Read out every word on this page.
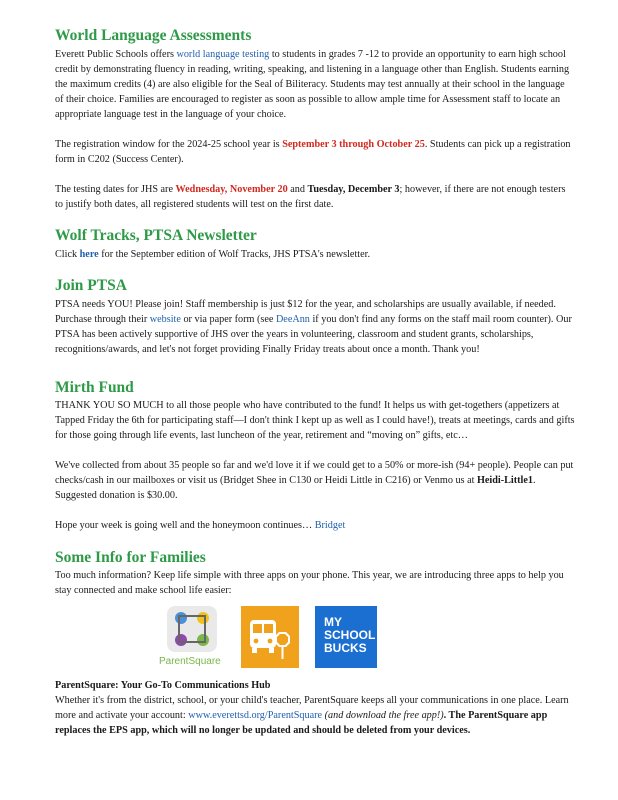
World Language Assessments

Everett Public Schools offers world language testing to students in grades 7 -12 to provide an opportunity to earn high school credit by demonstrating fluency in reading, writing, speaking, and listening in a language other than English. Students earning the maximum credits (4) are also eligible for the Seal of Biliteracy. Students may test annually at their school in the language of their choice. Families are encouraged to register as soon as possible to allow ample time for Assessment staff to locate an appropriate language test in the language of your choice.

The registration window for the 2024-25 school year is September 3 through October 25. Students can pick up a registration form in C202 (Success Center).

The testing dates for JHS are Wednesday, November 20 and Tuesday, December 3; however, if there are not enough testers to justify both dates, all registered students will test on the first date.

Wolf Tracks, PTSA Newsletter

Click here for the September edition of Wolf Tracks, JHS PTSA's newsletter.

Join PTSA

PTSA needs YOU! Please join! Staff membership is just $12 for the year, and scholarships are usually available, if needed. Purchase through their website or via paper form (see DeeAnn if you don't find any forms on the staff mail room counter). Our PTSA has been actively supportive of JHS over the years in volunteering, classroom and student grants, scholarships, recognitions/awards, and let's not forget providing Finally Friday treats about once a month. Thank you!

Mirth Fund

THANK YOU SO MUCH to all those people who have contributed to the fund! It helps us with get-togethers (appetizers at Tapped Friday the 6th for participating staff—I don't think I kept up as well as I could have!), treats at meetings, cards and gifts for those going through life events, last luncheon of the year, retirement and “moving on” gifts, etc…

We've collected from about 35 people so far and we'd love it if we could get to a 50% or more-ish (94+ people). People can put checks/cash in our mailboxes or visit us (Bridget Shee in C130 or Heidi Little in C216) or Venmo us at Heidi-Little1. Suggested donation is $30.00.

Hope your week is going well and the honeymoon continues… Bridget

Some Info for Families

Too much information? Keep life simple with three apps on your phone. This year, we are introducing three apps to help you stay connected and make school life easier:

ParentSquare
MY
SCHOOL
BUCKS

ParentSquare: Your Go-To Communications Hub

Whether it's from the district, school, or your child's teacher, ParentSquare keeps all your communications in one place. Learn more and activate your account: www.everettsd.org/ParentSquare (and download the free app!). The ParentSquare app replaces the EPS app, which will no longer be updated and should be deleted from your devices.
